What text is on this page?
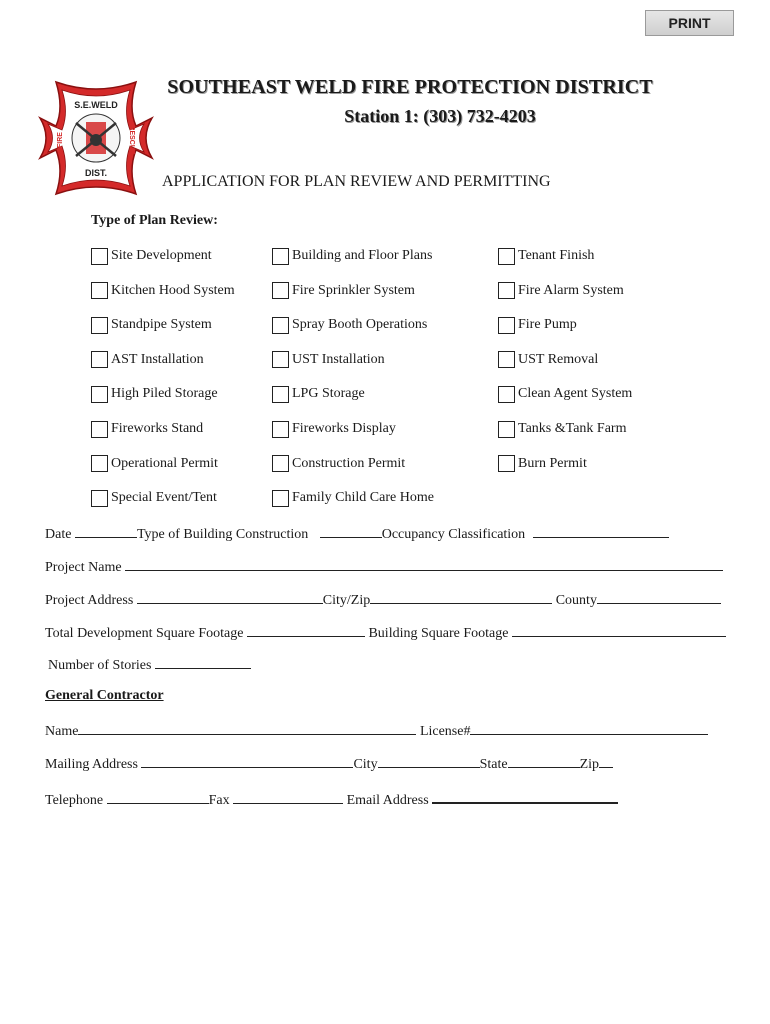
PRINT
S.E.WELD
DIST.
FIRE	RESCUE
COLORADO
SOUTHEAST WELD FIRE PROTECTION DISTRICT
Station 1: (303) 732-4203
APPLICATION FOR PLAN REVIEW AND PERMITTING
Type of Plan Review:
Site Development
Kitchen Hood System
Standpipe System
AST Installation
High Piled Storage
Fireworks Stand
Operational Permit
Special Event/Tent
Building and Floor Plans
Fire Sprinkler System
Spray Booth Operations
UST Installation
LPG Storage
Fireworks Display
Construction Permit
Family Child Care Home
Tenant Finish
Fire Alarm System
Fire Pump
UST Removal
Clean Agent System
Tanks &Tank Farm
Burn Permit
Date	Type of Building Construction	Occupancy Classification
Project Name
Project Address	City/Zip	County
Total Development Square Footage	Building Square Footage
Number of Stories
General Contractor
Name	License#
Mailing Address	City	State	Zip
Telephone	Fax	Email Address
